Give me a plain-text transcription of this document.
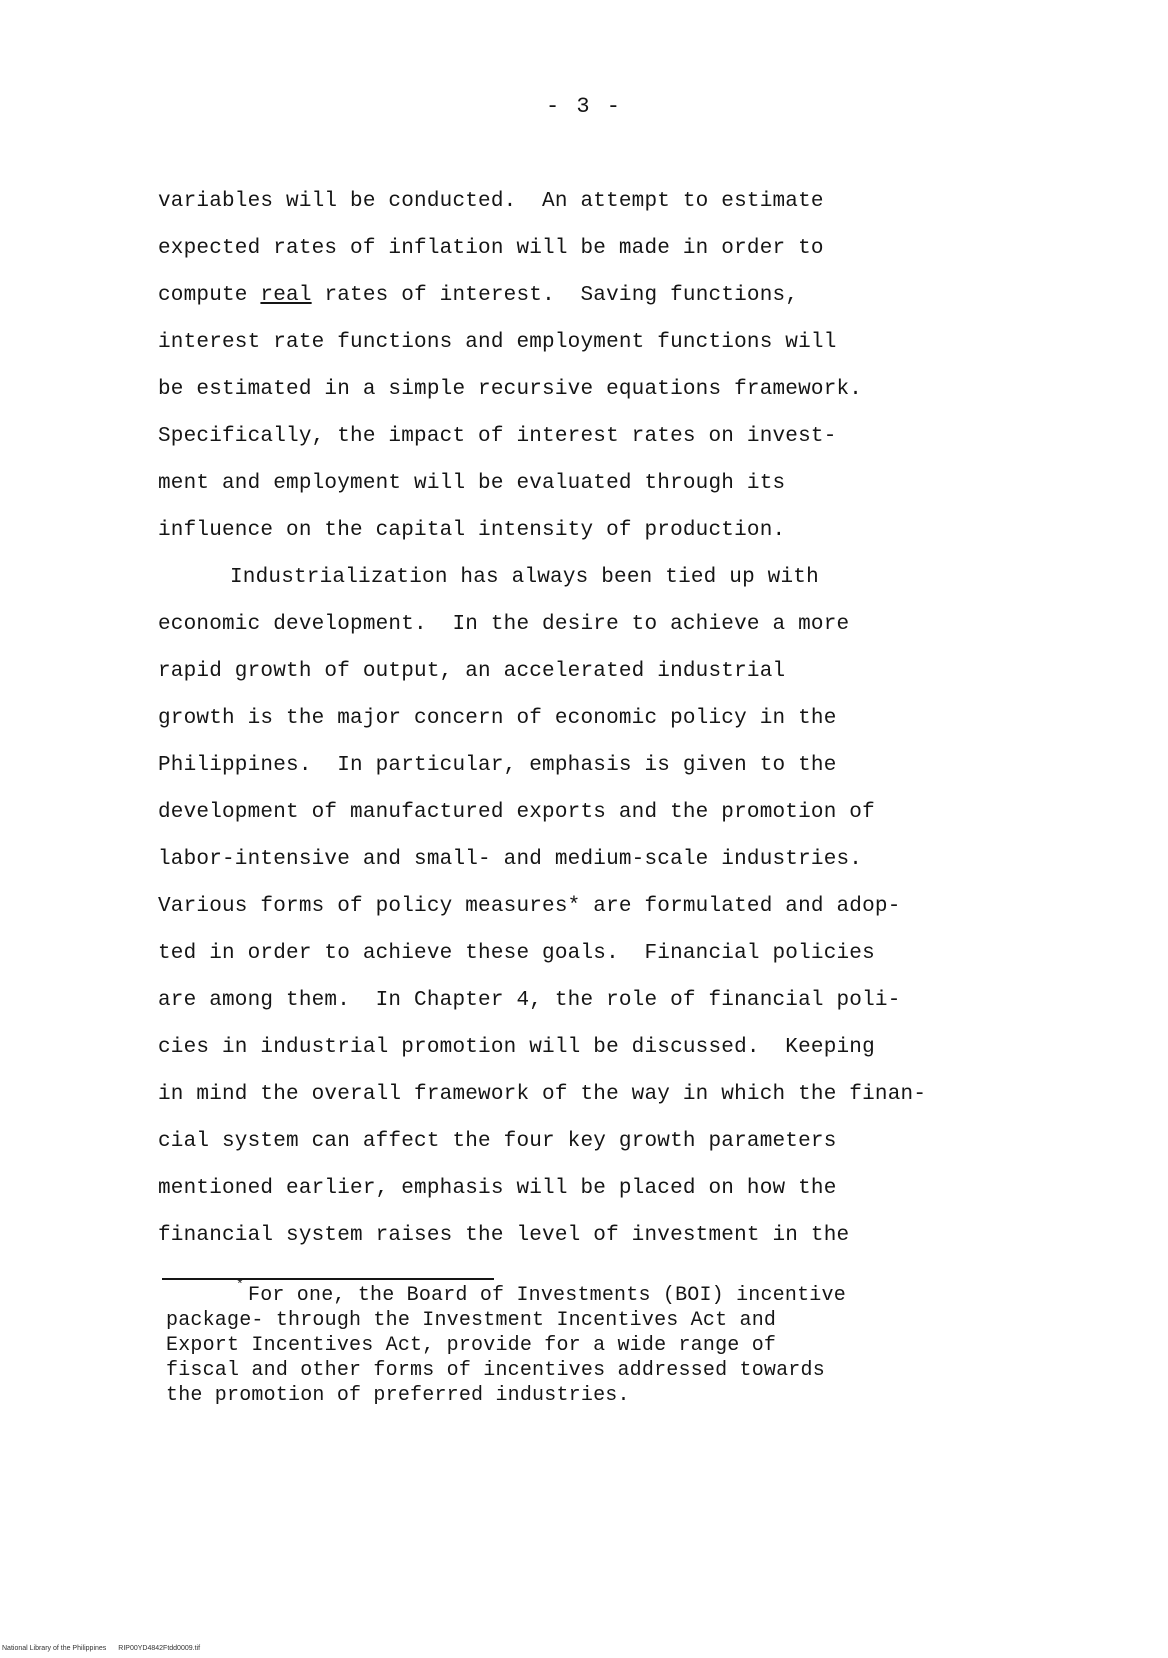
- 3 -
variables will be conducted.  An attempt to estimate
expected rates of inflation will be made in order to
compute real rates of interest.  Saving functions,
interest rate functions and employment functions will
be estimated in a simple recursive equations framework.
Specifically, the impact of interest rates on invest-
ment and employment will be evaluated through its
influence on the capital intensity of production.
Industrialization has always been tied up with
economic development.  In the desire to achieve a more
rapid growth of output, an accelerated industrial
growth is the major concern of economic policy in the
Philippines.  In particular, emphasis is given to the
development of manufactured exports and the promotion of
labor-intensive and small- and medium-scale industries.
Various forms of policy measures* are formulated and adop-
ted in order to achieve these goals.  Financial policies
are among them.  In Chapter 4, the role of financial poli-
cies in industrial promotion will be discussed.  Keeping
in mind the overall framework of the way in which the finan-
cial system can affect the four key growth parameters
mentioned earlier, emphasis will be placed on how the
financial system raises the level of investment in the
* For one, the Board of Investments (BOI) incentive
package- through the Investment Incentives Act and
Export Incentives Act, provide for a wide range of
fiscal and other forms of incentives addressed towards
the promotion of preferred industries.
National Library of the Philippines RIP00YD4842Ftdd0009.tif
